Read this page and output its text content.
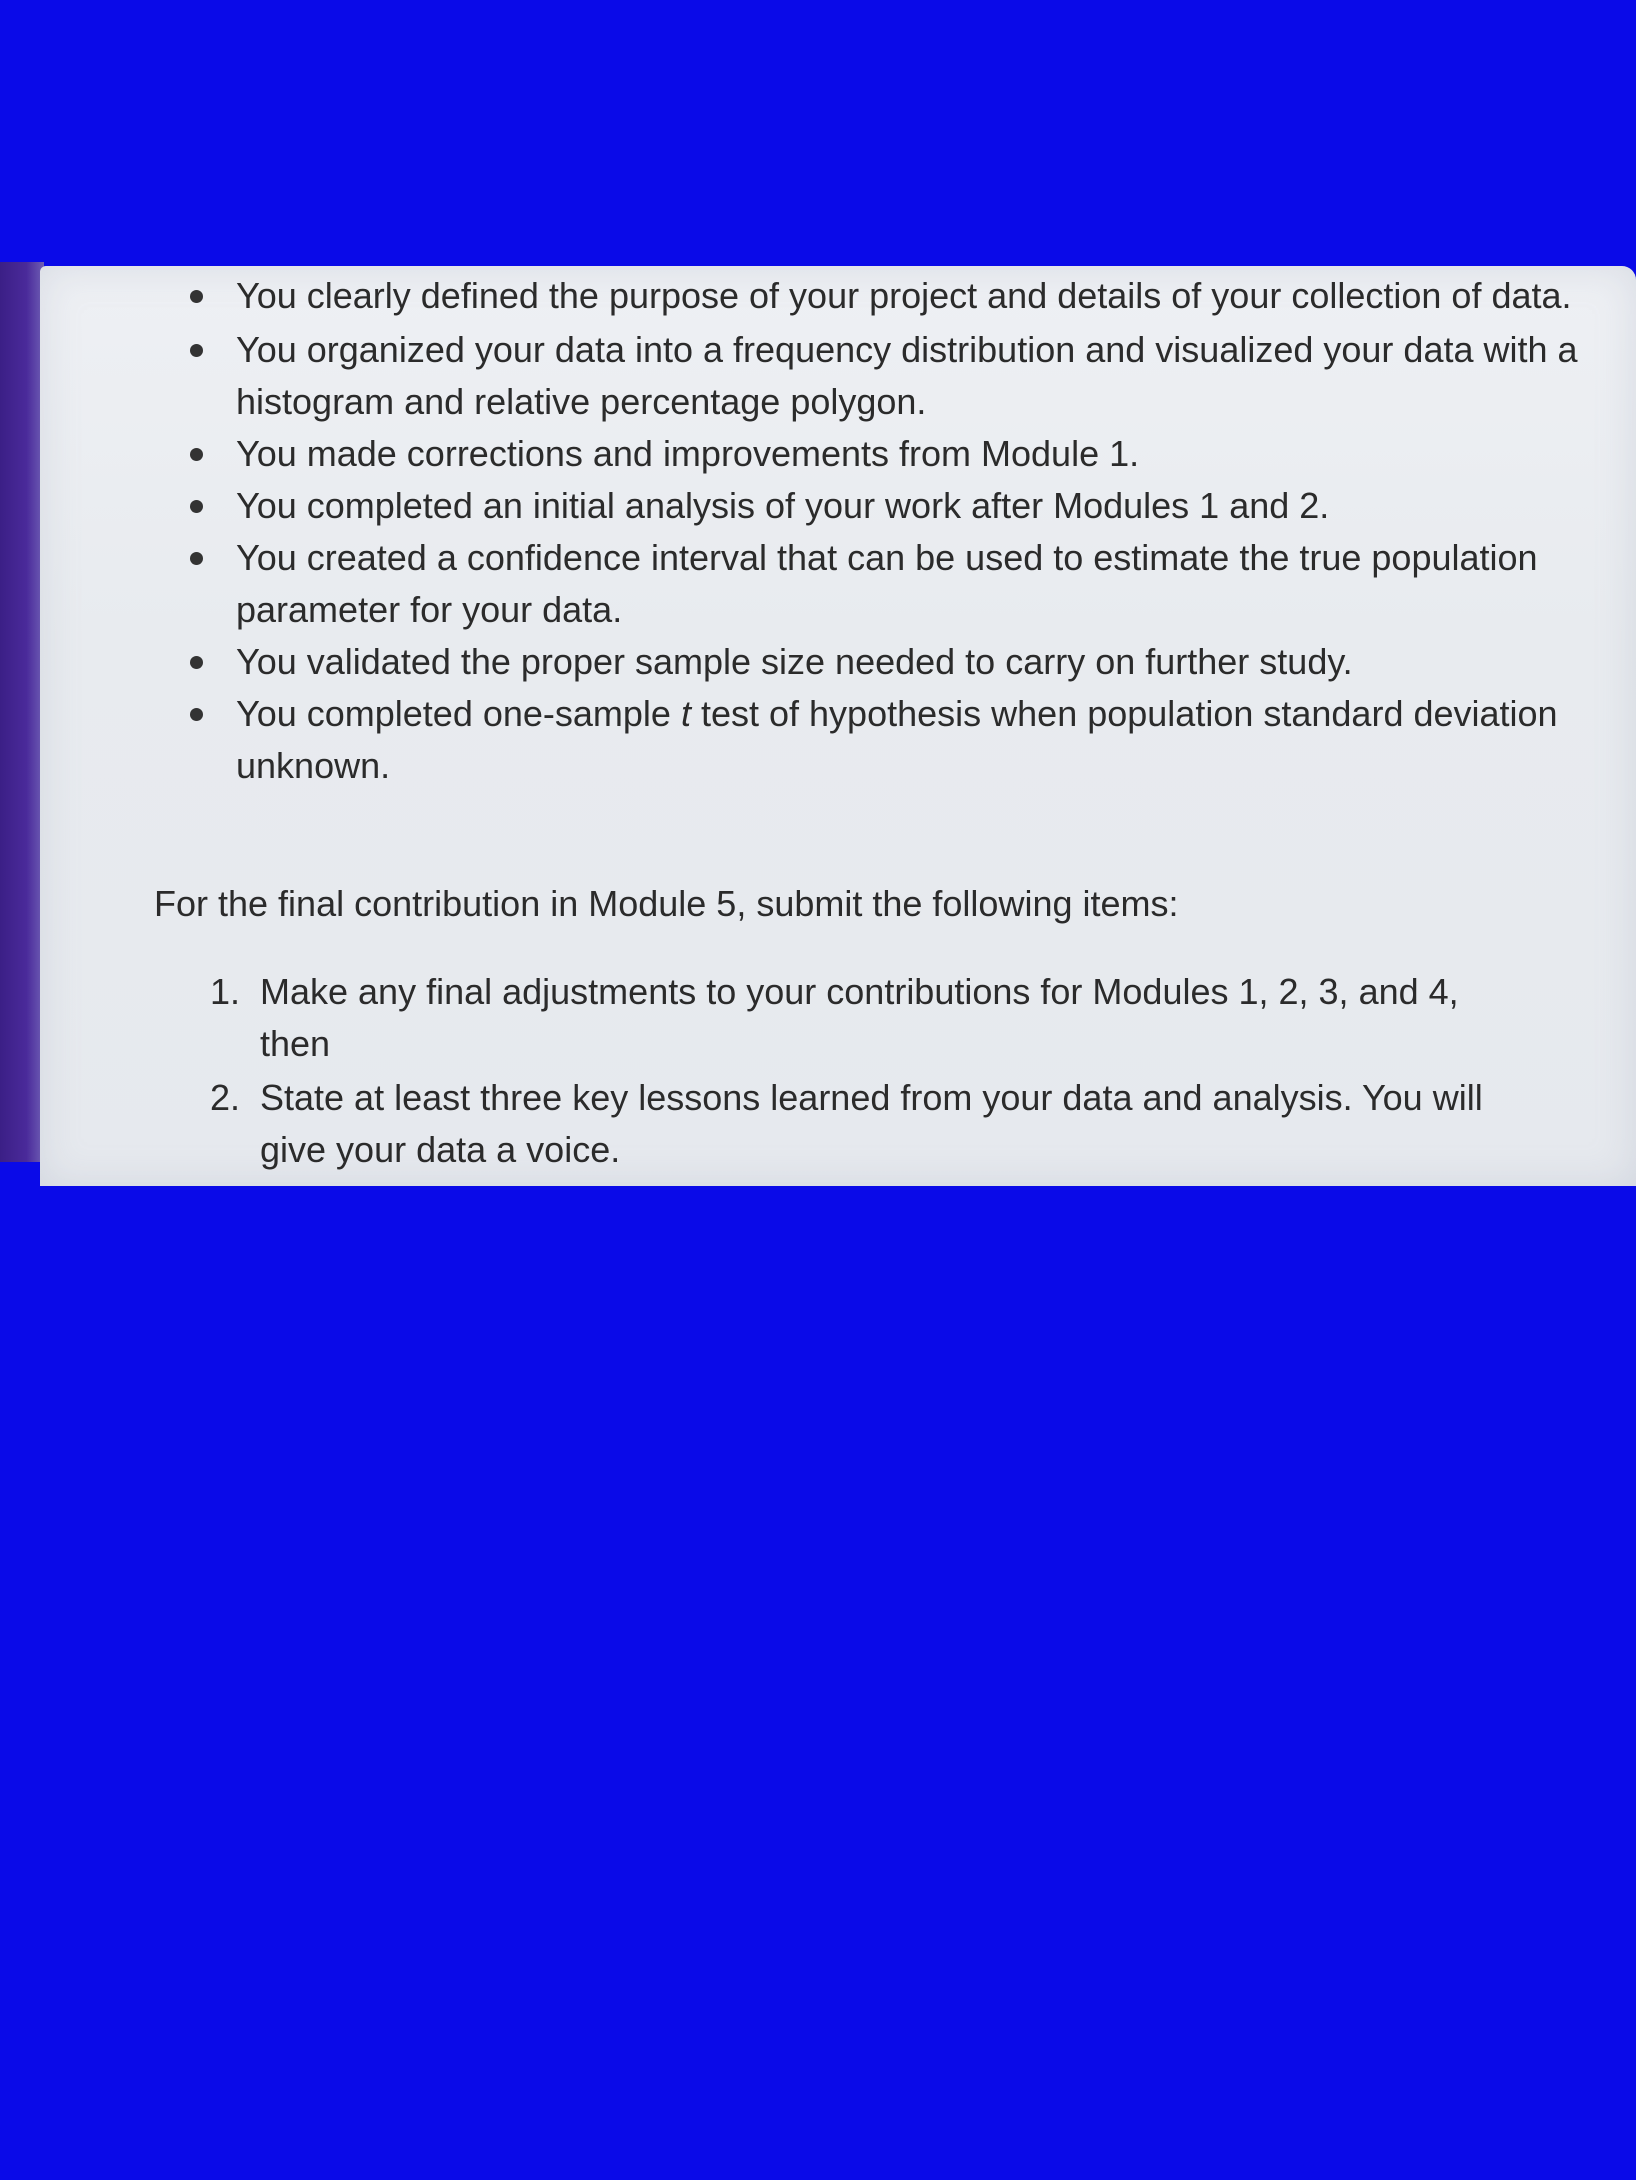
You clearly defined the purpose of your project and details of your collection of data.
You organized your data into a frequency distribution and visualized your data with a histogram and relative percentage polygon.
You made corrections and improvements from Module 1.
You completed an initial analysis of your work after Modules 1 and 2.
You created a confidence interval that can be used to estimate the true population parameter for your data.
You validated the proper sample size needed to carry on further study.
You completed one-sample t test of hypothesis when population standard deviation unknown.
For the final contribution in Module 5, submit the following items:
1. Make any final adjustments to your contributions for Modules 1, 2, 3, and 4, then
2. State at least three key lessons learned from your data and analysis. You will give your data a voice.
